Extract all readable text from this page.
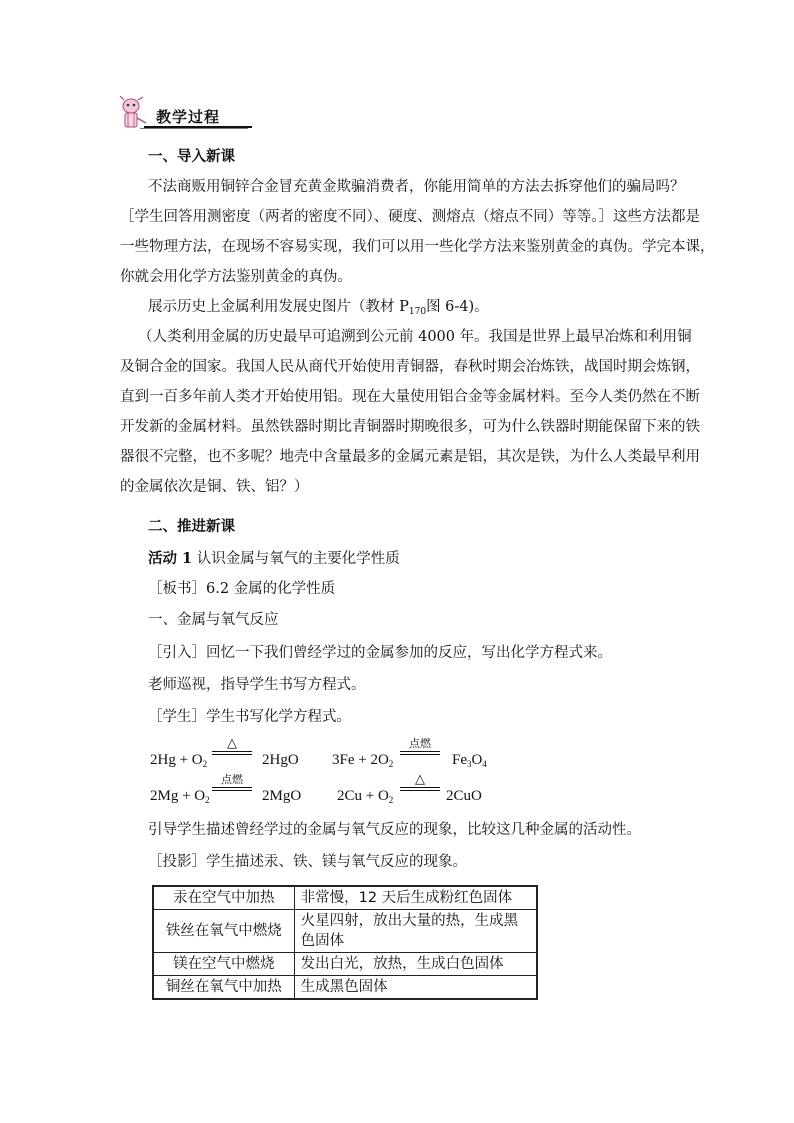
教学过程
一、导入新课
不法商贩用铜锌合金冒充黄金欺骗消费者，你能用简单的方法去拆穿他们的骗局吗？
［学生回答用测密度（两者的密度不同）、硬度、测熔点（熔点不同）等等。］这些方法都是
一些物理方法，在现场不容易实现，我们可以用一些化学方法来鉴别黄金的真伪。学完本课，
你就会用化学方法鉴别黄金的真伪。
展示历史上金属利用发展史图片（教材 $P_{170}$图 6-4)。
（人类利用金属的历史最早可追溯到公元前 4000 年。我国是世界上最早冶炼和利用铜
及铜合金的国家。我国人民从商代开始使用青铜器，春秋时期会冶炼铁，战国时期会炼钢，
直到一百多年前人类才开始使用铝。现在大量使用铝合金等金属材料。至今人类仍然在不断
开发新的金属材料。虽然铁器时期比青铜器时期晚很多，可为什么铁器时期能保留下来的铁
器很不完整，也不多呢？地壳中含量最多的金属元素是铝，其次是铁，为什么人类最早利用
的金属依次是铜、铁、铝？）
二、推进新课
活动 1 认识金属与氧气的主要化学性质
［板书］6.2 金属的化学性质
一、金属与氧气反应
［引入］回忆一下我们曾经学过的金属参加的反应，写出化学方程式来。
老师巡视，指导学生书写方程式。
［学生］学生书写化学方程式。
$2Hg + O_2$
△
2HgO $3Fe + 2O_2$
点燃
$Fe_3O_4$
$2Mg + O_2$
点燃
2MgO $2Cu + O_2$
△
2CuO
引导学生描述曾经学过的金属与氧气反应的现象，比较这几种金属的活动性。
［投影］学生描述汞、铁、镁与氧气反应的现象。
汞在空气中加热	非常慢，12 天后生成粉红色固体
铁丝在氧气中燃烧	火星四射，放出大量的热，生成黑色固体
镁在空气中燃烧	发出白光，放热，生成白色固体
铜丝在氧气中加热	生成黑色固体
